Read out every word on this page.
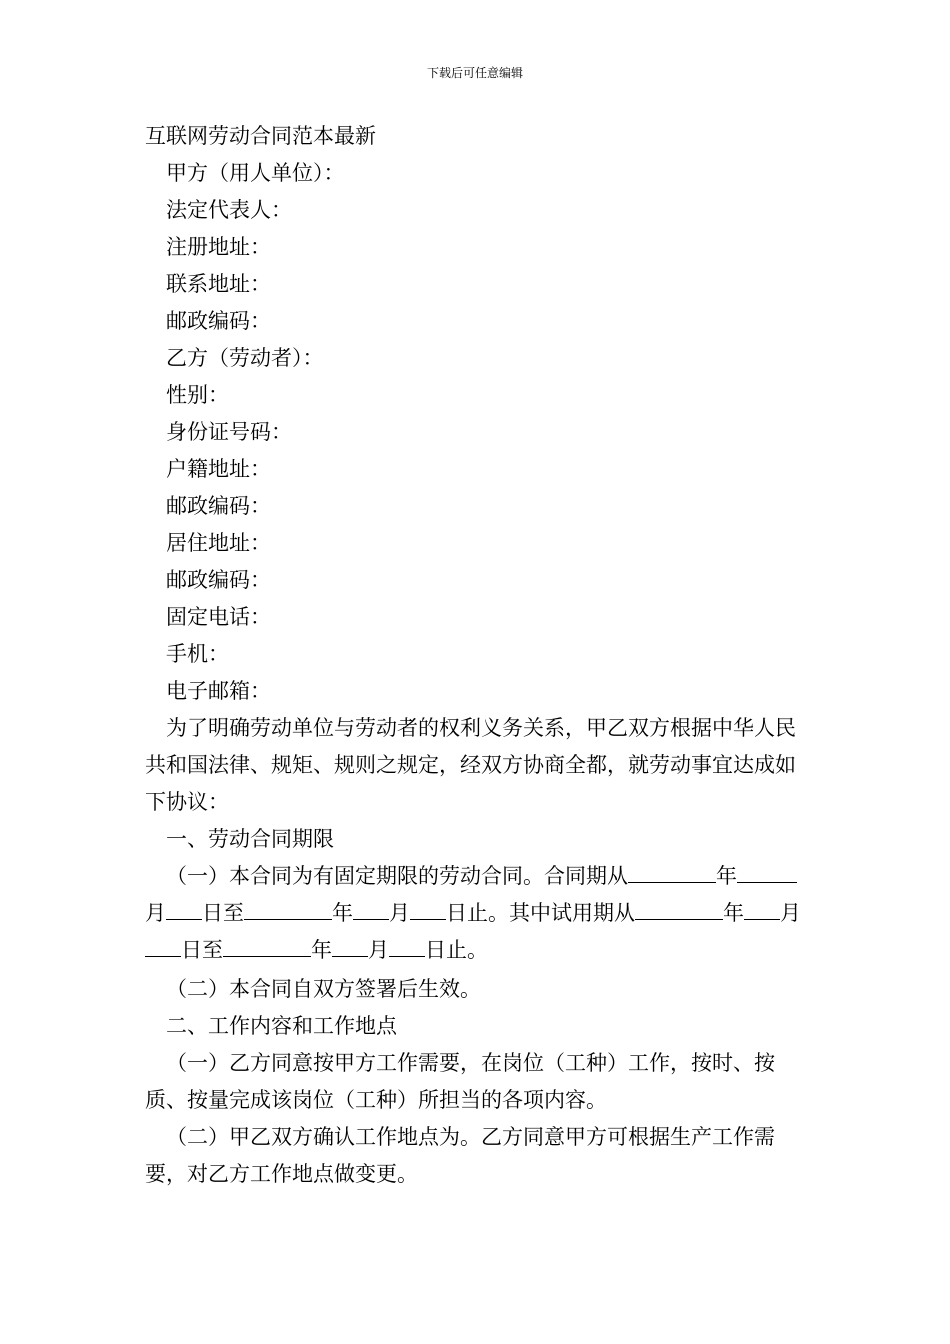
下载后可任意编辑
互联网劳动合同范本最新
甲方（用人单位）：
法定代表人：
注册地址：
联系地址：
邮政编码：
乙方（劳动者）：
性别：
身份证号码：
户籍地址：
邮政编码：
居住地址：
邮政编码：
固定电话：
手机：
电子邮箱：
为了明确劳动单位与劳动者的权利义务关系，甲乙双方根据中华人民共和国法律、规矩、规则之规定，经双方协商全都，就劳动事宜达成如下协议：
一、劳动合同期限
（一）本合同为有固定期限的劳动合同。合同期从	年月 日至	年 月 日止。其中试用期从	年 月日至	年 月 日止。
（二）本合同自双方签署后生效。
二、工作内容和工作地点
（一）乙方同意按甲方工作需要，在岗位（工种）工作，按时、按质、按量完成该岗位（工种）所担当的各项内容。
（二）甲乙双方确认工作地点为。乙方同意甲方可根据生产工作需要，对乙方工作地点做变更。
